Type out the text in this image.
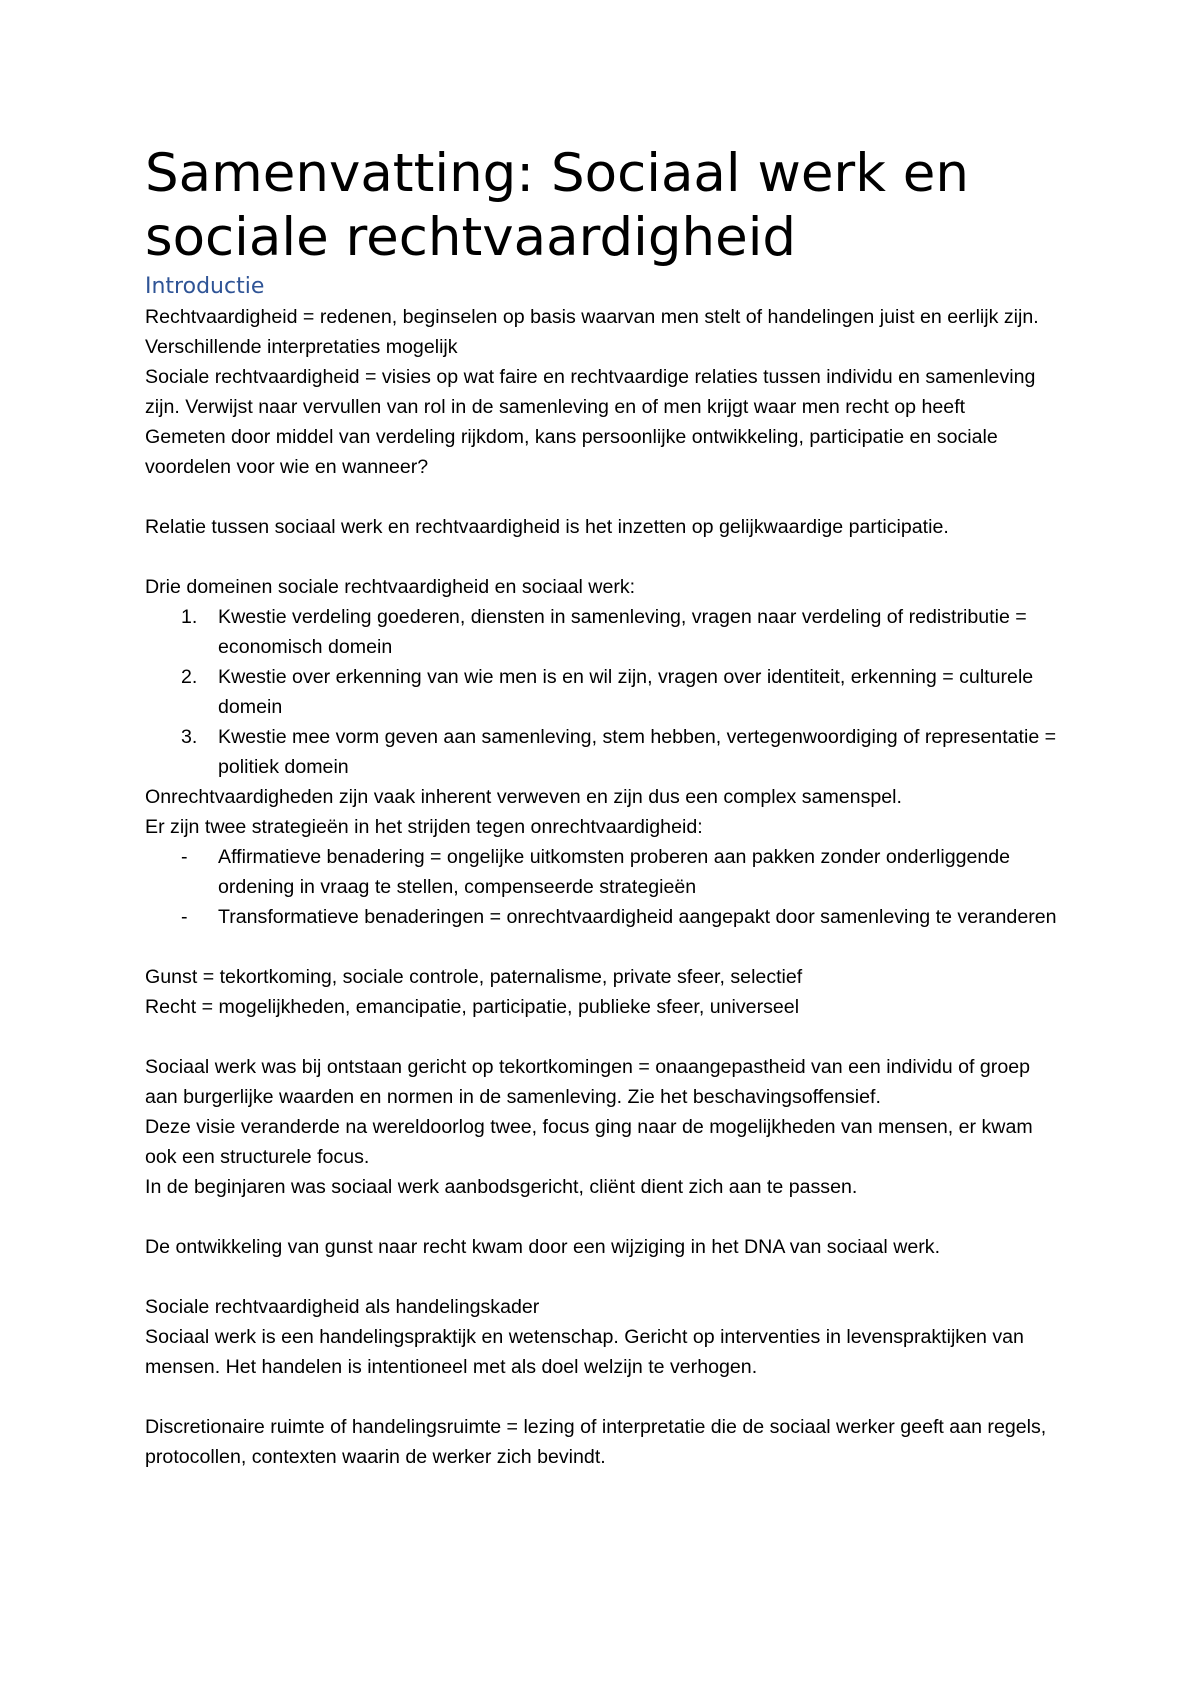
Samenvatting: Sociaal werk en
sociale rechtvaardigheid
Introductie

Rechtvaardigheid = redenen, beginselen op basis waarvan men stelt of handelingen juist en eerlijk zijn. Verschillende interpretaties mogelijk

Sociale rechtvaardigheid = visies op wat faire en rechtvaardige relaties tussen individu en samenleving zijn. Verwijst naar vervullen van rol in de samenleving en of men krijgt waar men recht op heeft

Gemeten door middel van verdeling rijkdom, kans persoonlijke ontwikkeling, participatie en sociale voordelen voor wie en wanneer?

Relatie tussen sociaal werk en rechtvaardigheid is het inzetten op gelijkwaardige participatie.

Drie domeinen sociale rechtvaardigheid en sociaal werk:

1. Kwestie verdeling goederen, diensten in samenleving, vragen naar verdeling of redistributie = economisch domein
2. Kwestie over erkenning van wie men is en wil zijn, vragen over identiteit, erkenning = culturele domein
3. Kwestie mee vorm geven aan samenleving, stem hebben, vertegenwoordiging of representatie = politiek domein

Onrechtvaardigheden zijn vaak inherent verweven en zijn dus een complex samenspel.

Er zijn twee strategieën in het strijden tegen onrechtvaardigheid:

- Affirmatieve benadering = ongelijke uitkomsten proberen aan pakken zonder onderliggende ordening in vraag te stellen, compenseerde strategieën
- Transformatieve benaderingen = onrechtvaardigheid aangepakt door samenleving te veranderen

Gunst = tekortkoming, sociale controle, paternalisme, private sfeer, selectief

Recht = mogelijkheden, emancipatie, participatie, publieke sfeer, universeel

Sociaal werk was bij ontstaan gericht op tekortkomingen = onaangepastheid van een individu of groep aan burgerlijke waarden en normen in de samenleving. Zie het beschavingsoffensief.

Deze visie veranderde na wereldoorlog twee, focus ging naar de mogelijkheden van mensen, er kwam ook een structurele focus.

In de beginjaren was sociaal werk aanbodsgericht, cliënt dient zich aan te passen.

De ontwikkeling van gunst naar recht kwam door een wijziging in het DNA van sociaal werk.

Sociale rechtvaardigheid als handelingskader

Sociaal werk is een handelingspraktijk en wetenschap. Gericht op interventies in levenspraktijken van mensen. Het handelen is intentioneel met als doel welzijn te verhogen.

Discretionaire ruimte of handelingsruimte = lezing of interpretatie die de sociaal werker geeft aan regels, protocollen, contexten waarin de werker zich bevindt.
